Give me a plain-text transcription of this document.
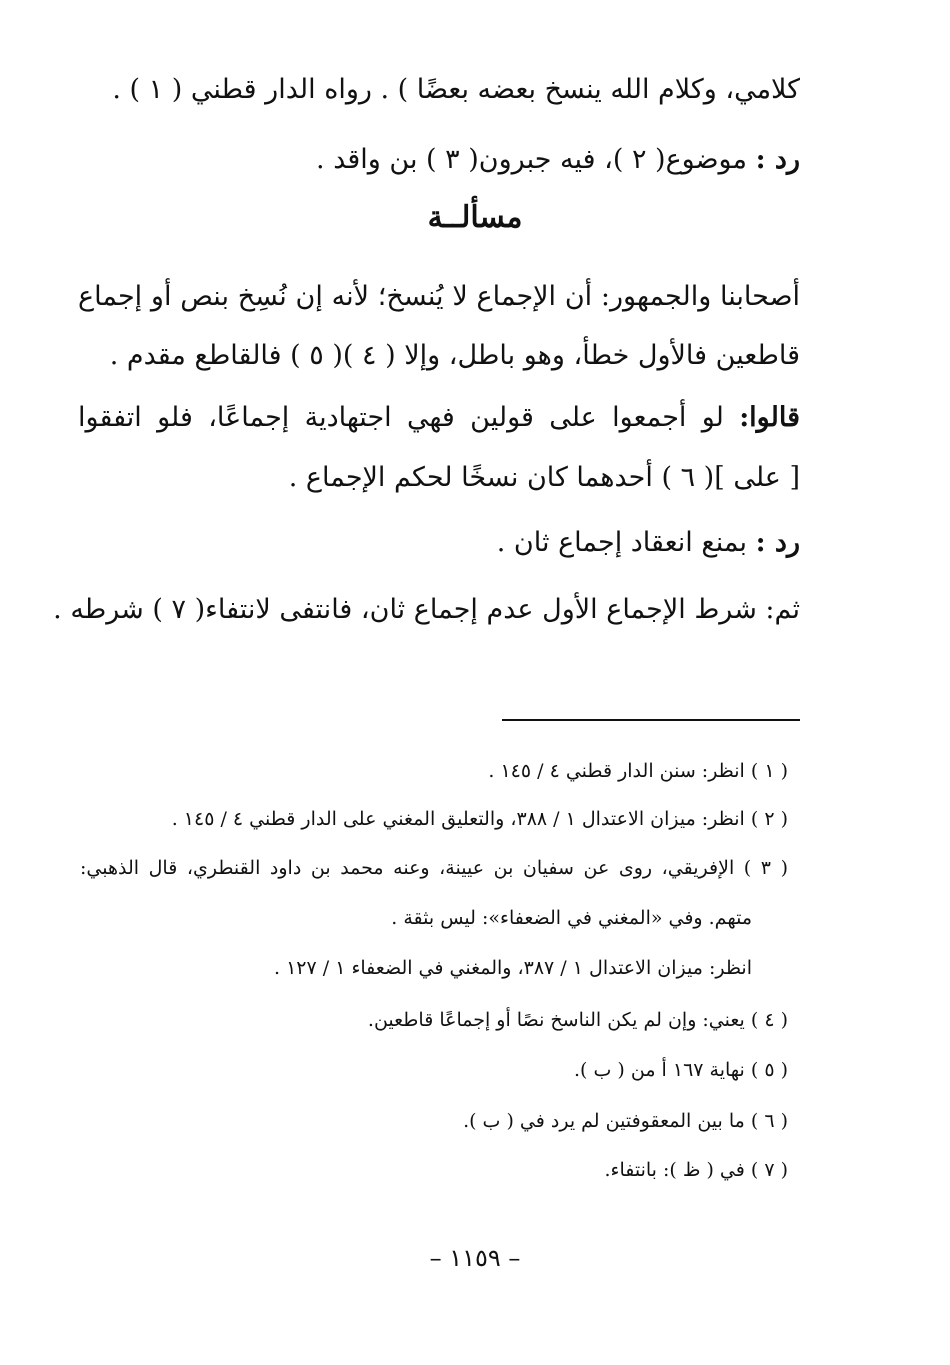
كلامي، وكلام الله ينسخ بعضه بعضًا ) . رواه الدار قطني ( ١ ) .
رد : موضوع( ٢ )، فيه جبرون( ٣ ) بن واقد .
مسألــة
أصحابنا والجمهور: أن الإجماع لا يُنسخ؛ لأنه إن نُسِخ بنص أو إجماع
قاطعين فالأول خطأ، وهو باطل، وإلا ( ٤ )( ٥ ) فالقاطع مقدم .
قالوا: لو أجمعوا على قولين فهي اجتهادية إجماعًا، فلو اتفقوا
[ على ]( ٦ ) أحدهما كان نسخًا لحكم الإجماع .
رد : بمنع انعقاد إجماع ثان .
ثم: شرط الإجماع الأول عدم إجماع ثان، فانتفى لانتفاء( ٧ ) شرطه .
( ١ ) انظر: سنن الدار قطني ٤ / ١٤٥ .
( ٢ ) انظر: ميزان الاعتدال ١ / ٣٨٨، والتعليق المغني على الدار قطني ٤ / ١٤٥ .
( ٣ ) الإفريقي، روى عن سفيان بن عيينة، وعنه محمد بن داود القنطري، قال الذهبي:
متهم. وفي «المغني في الضعفاء»: ليس بثقة .
انظر: ميزان الاعتدال ١ / ٣٨٧، والمغني في الضعفاء ١ / ١٢٧ .
( ٤ ) يعني: وإن لم يكن الناسخ نصًا أو إجماعًا قاطعين.
( ٥ ) نهاية ١٦٧ أ من ( ب ).
( ٦ ) ما بين المعقوفتين لم يرد في ( ب ).
( ٧ ) في ( ظ ): بانتفاء.
– ١١٥٩ –
